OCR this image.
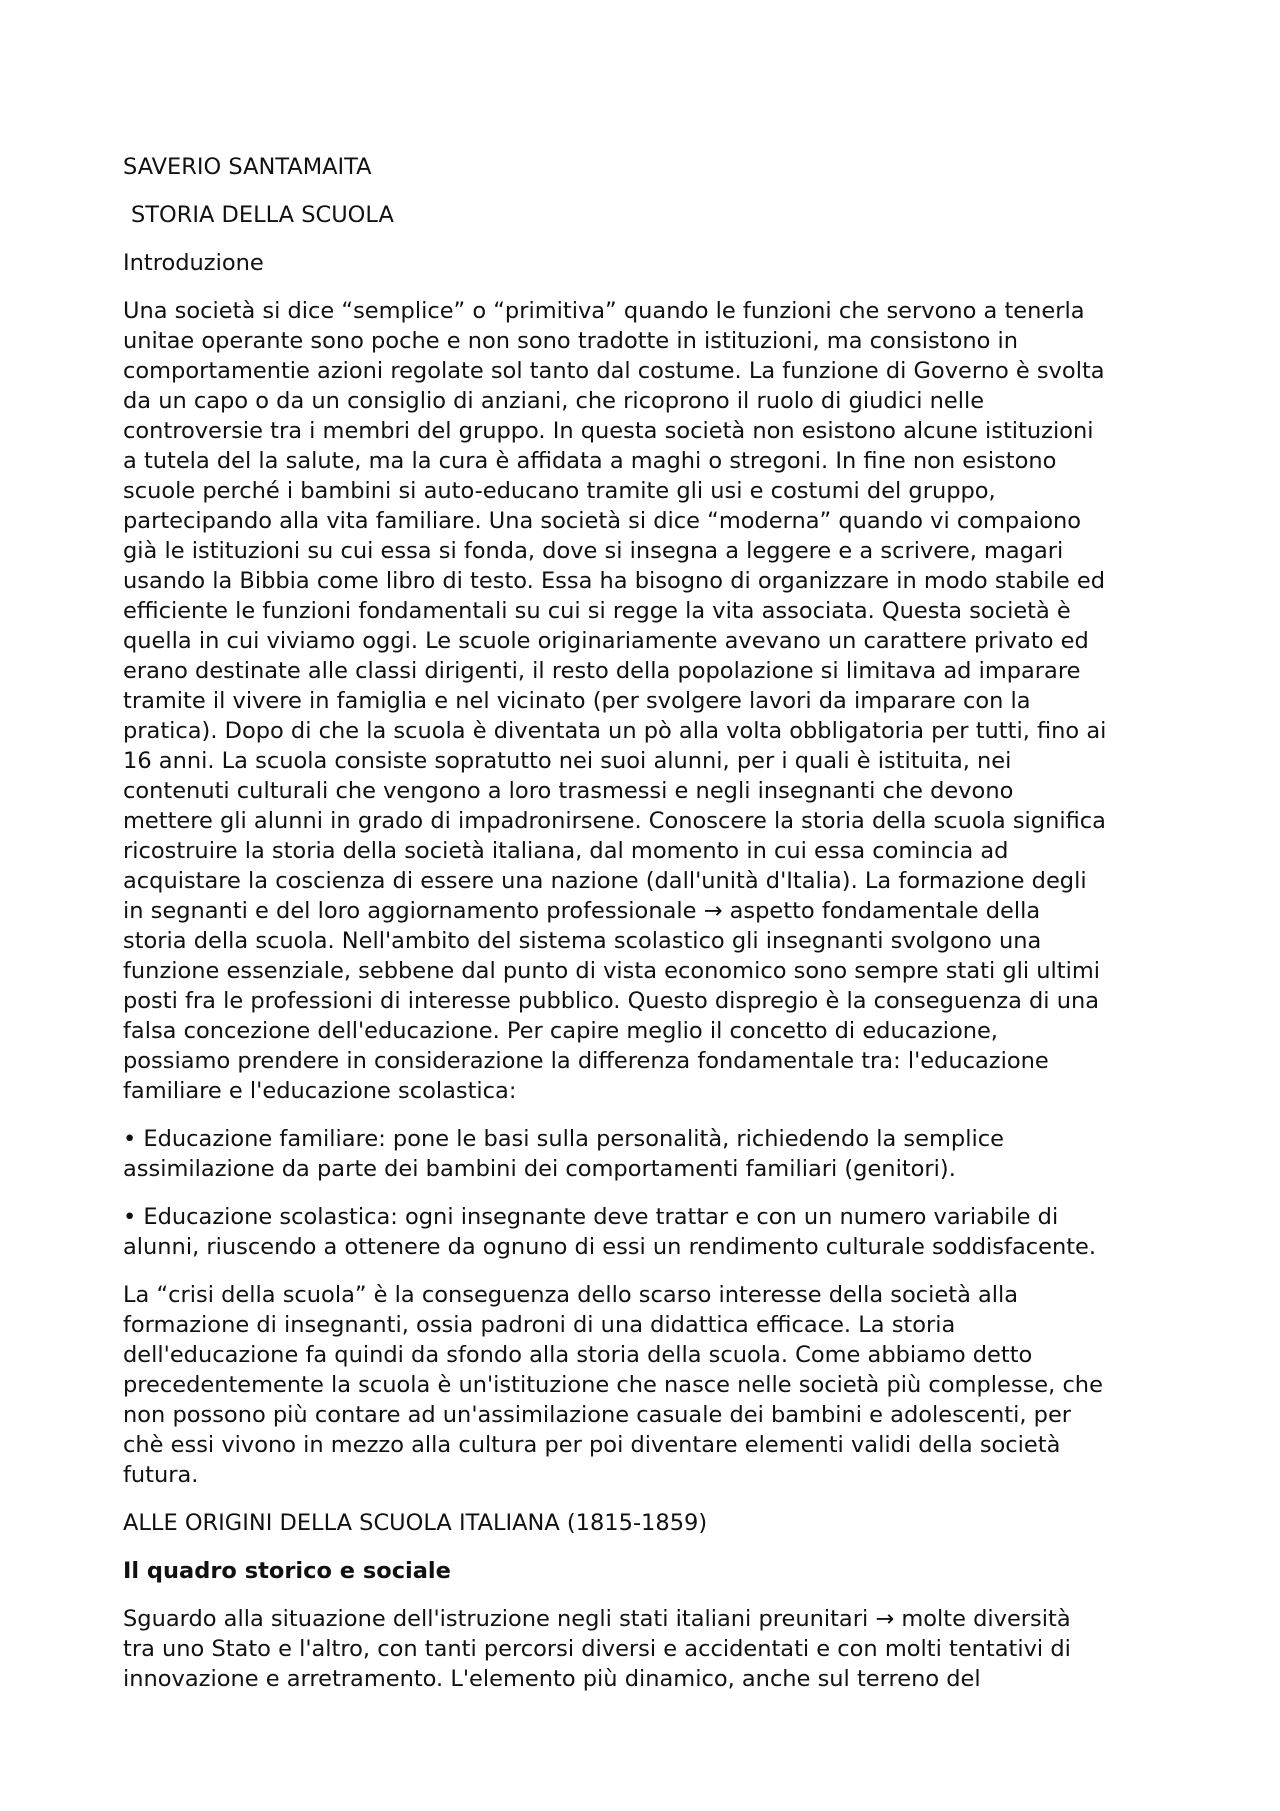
SAVERIO SANTAMAITA

STORIA DELLA SCUOLA

Introduzione

Una società si dice “semplice” o “primitiva” quando le funzioni che servono a tenerla
unitae operante sono poche e non sono tradotte in istituzioni, ma consistono in
comportamentie azioni regolate sol tanto dal costume. La funzione di Governo è svolta
da un capo o da un consiglio di anziani, che ricoprono il ruolo di giudici nelle
controversie tra i membri del gruppo. In questa società non esistono alcune istituzioni
a tutela del la salute, ma la cura è affidata a maghi o stregoni. In fine non esistono
scuole perché i bambini si auto-educano tramite gli usi e costumi del gruppo,
partecipando alla vita familiare. Una società si dice “moderna” quando vi compaiono
già le istituzioni su cui essa si fonda, dove si insegna a leggere e a scrivere, magari
usando la Bibbia come libro di testo. Essa ha bisogno di organizzare in modo stabile ed
efficiente le funzioni fondamentali su cui si regge la vita associata. Questa società è
quella in cui viviamo oggi. Le scuole originariamente avevano un carattere privato ed
erano destinate alle classi dirigenti, il resto della popolazione si limitava ad imparare
tramite il vivere in famiglia e nel vicinato (per svolgere lavori da imparare con la
pratica). Dopo di che la scuola è diventata un pò alla volta obbligatoria per tutti, fino ai
16 anni. La scuola consiste sopratutto nei suoi alunni, per i quali è istituita, nei
contenuti culturali che vengono a loro trasmessi e negli insegnanti che devono
mettere gli alunni in grado di impadronirsene. Conoscere la storia della scuola significa
ricostruire la storia della società italiana, dal momento in cui essa comincia ad
acquistare la coscienza di essere una nazione (dall'unità d'Italia). La formazione degli
in segnanti e del loro aggiornamento professionale → aspetto fondamentale della
storia della scuola. Nell'ambito del sistema scolastico gli insegnanti svolgono una
funzione essenziale, sebbene dal punto di vista economico sono sempre stati gli ultimi
posti fra le professioni di interesse pubblico. Questo dispregio è la conseguenza di una
falsa concezione dell'educazione. Per capire meglio il concetto di educazione,
possiamo prendere in considerazione la differenza fondamentale tra: l'educazione
familiare e l'educazione scolastica:

• Educazione familiare: pone le basi sulla personalità, richiedendo la semplice
assimilazione da parte dei bambini dei comportamenti familiari (genitori).

• Educazione scolastica: ogni insegnante deve trattar e con un numero variabile di
alunni, riuscendo a ottenere da ognuno di essi un rendimento culturale soddisfacente.

La “crisi della scuola” è la conseguenza dello scarso interesse della società alla
formazione di insegnanti, ossia padroni di una didattica efficace. La storia
dell'educazione fa quindi da sfondo alla storia della scuola. Come abbiamo detto
precedentemente la scuola è un'istituzione che nasce nelle società più complesse, che
non possono più contare ad un'assimilazione casuale dei bambini e adolescenti, per
chè essi vivono in mezzo alla cultura per poi diventare elementi validi della società
futura.

ALLE ORIGINI DELLA SCUOLA ITALIANA (1815-1859)

Il quadro storico e sociale

Sguardo alla situazione dell'istruzione negli stati italiani preunitari → molte diversità
tra uno Stato e l'altro, con tanti percorsi diversi e accidentati e con molti tentativi di
innovazione e arretramento. L'elemento più dinamico, anche sul terreno del
